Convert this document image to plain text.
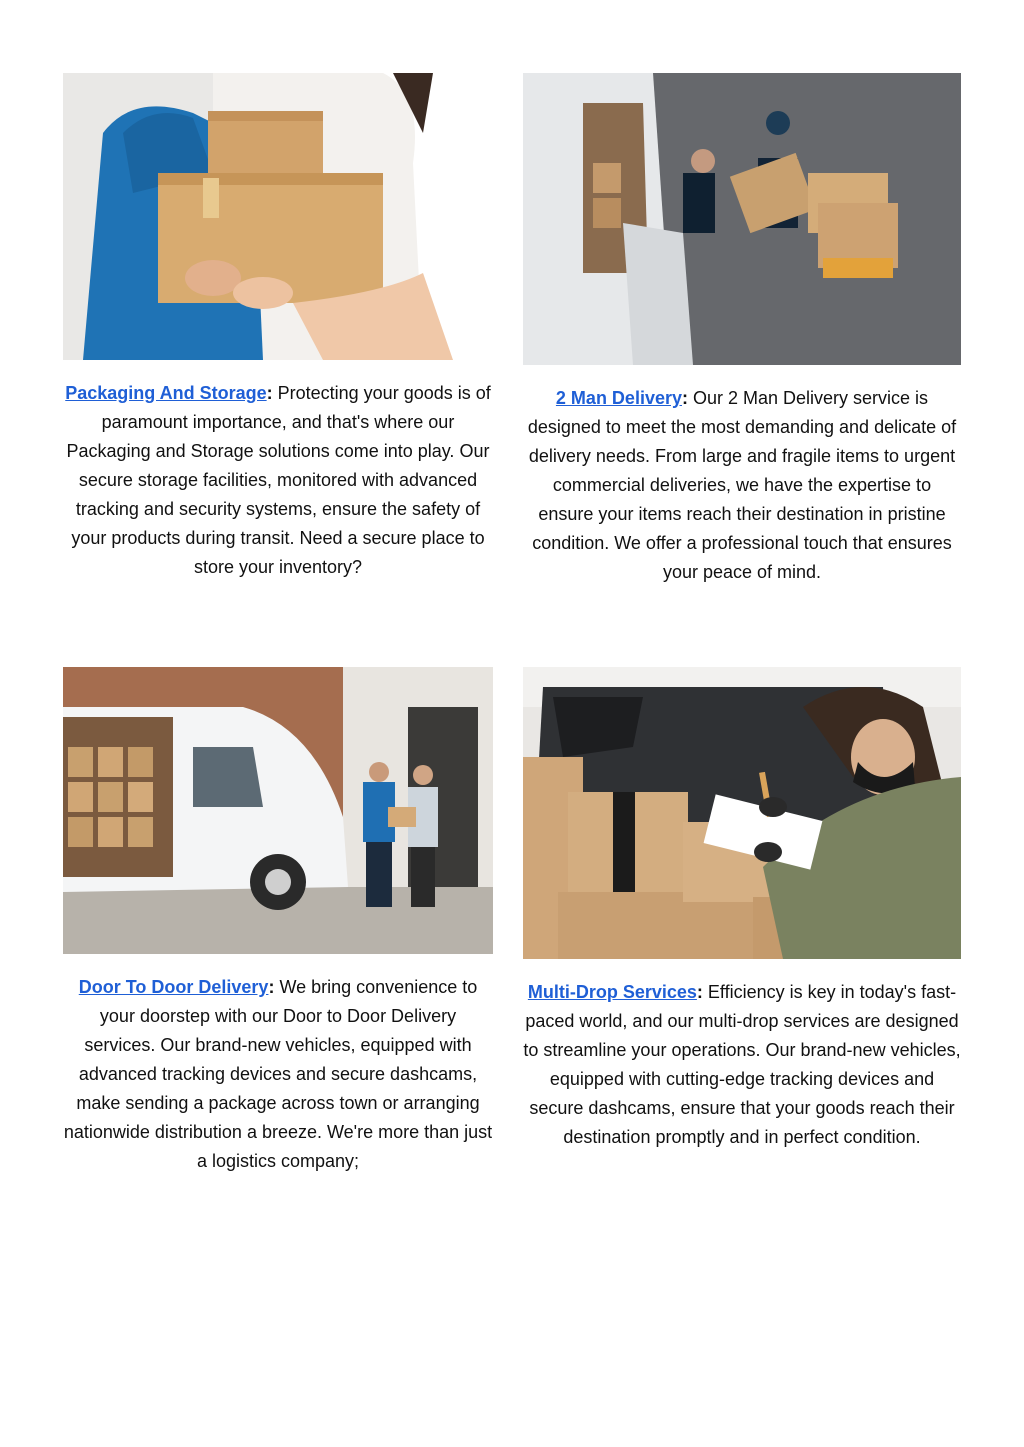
Packaging And Storage: Protecting your goods is of paramount importance, and that's where our Packaging and Storage solutions come into play. Our secure storage facilities, monitored with advanced tracking and security systems, ensure the safety of your products during transit. Need a secure place to store your inventory?

2 Man Delivery: Our 2 Man Delivery service is designed to meet the most demanding and delicate of delivery needs. From large and fragile items to urgent commercial deliveries, we have the expertise to ensure your items reach their destination in pristine condition. We offer a professional touch that ensures your peace of mind.

Door To Door Delivery: We bring convenience to your doorstep with our Door to Door Delivery services. Our brand-new vehicles, equipped with advanced tracking devices and secure dashcams, make sending a package across town or arranging nationwide distribution a breeze. We're more than just a logistics company;

Multi-Drop Services: Efficiency is key in today's fast-paced world, and our multi-drop services are designed to streamline your operations. Our brand-new vehicles, equipped with cutting-edge tracking devices and secure dashcams, ensure that your goods reach their destination promptly and in perfect condition.
